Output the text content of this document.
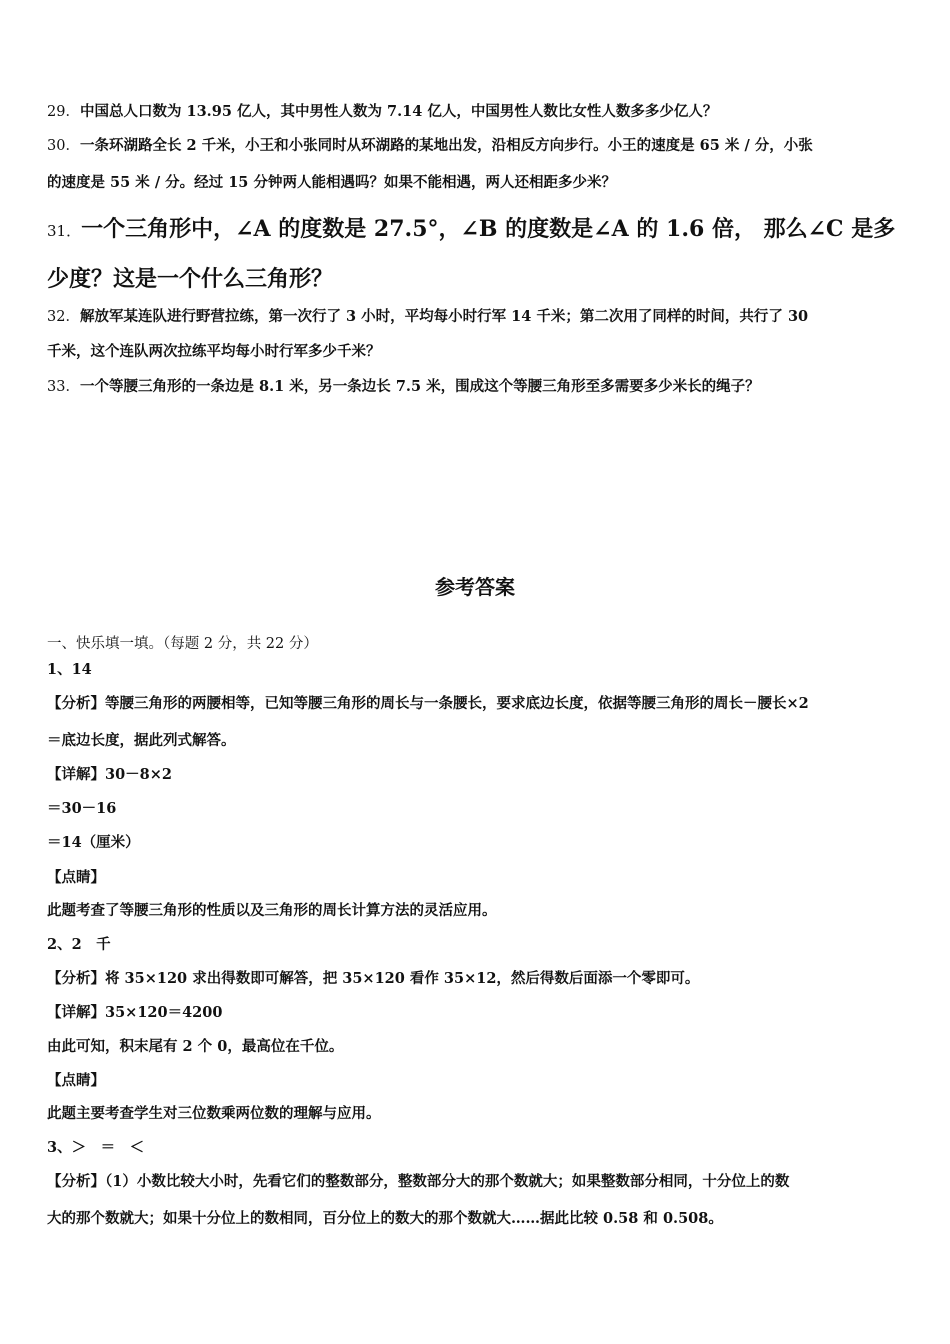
29．中国总人口数为 13.95 亿人，其中男性人数为 7.14 亿人，中国男性人数比女性人数多多少亿人？
30．一条环湖路全长 2 千米，小王和小张同时从环湖路的某地出发，沿相反方向步行。小王的速度是 65 米 / 分，小张
的速度是 55 米 / 分。经过 15 分钟两人能相遇吗？如果不能相遇，两人还相距多少米？
31．一个三角形中，∠A 的度数是 27.5°，∠B 的度数是∠A 的 1.6 倍， 那么∠C 是多
少度？这是一个什么三角形？
32．解放军某连队进行野营拉练，第一次行了 3 小时，平均每小时行军 14 千米；第二次用了同样的时间，共行了 30
千米，这个连队两次拉练平均每小时行军多少千米？
33．一个等腰三角形的一条边是 8.1 米，另一条边长 7.5 米，围成这个等腰三角形至多需要多少米长的绳子？
参考答案
一、快乐填一填。（每题 2 分，共 22 分）
1、14
【分析】等腰三角形的两腰相等，已知等腰三角形的周长与一条腰长，要求底边长度，依据等腰三角形的周长－腰长×2
＝底边长度，据此列式解答。
【详解】30－8×2
＝30－16
＝14（厘米）
【点睛】
此题考查了等腰三角形的性质以及三角形的周长计算方法的灵活应用。
2、2　千
【分析】将 35×120 求出得数即可解答，把 35×120 看作 35×12，然后得数后面添一个零即可。
【详解】35×120＝4200
由此可知，积末尾有 2 个 0，最高位在千位。
【点睛】
此题主要考查学生对三位数乘两位数的理解与应用。
3、＞　＝　＜
【分析】（1）小数比较大小时，先看它们的整数部分，整数部分大的那个数就大；如果整数部分相同，十分位上的数
大的那个数就大；如果十分位上的数相同，百分位上的数大的那个数就大……据此比较 0.58 和 0.508。
